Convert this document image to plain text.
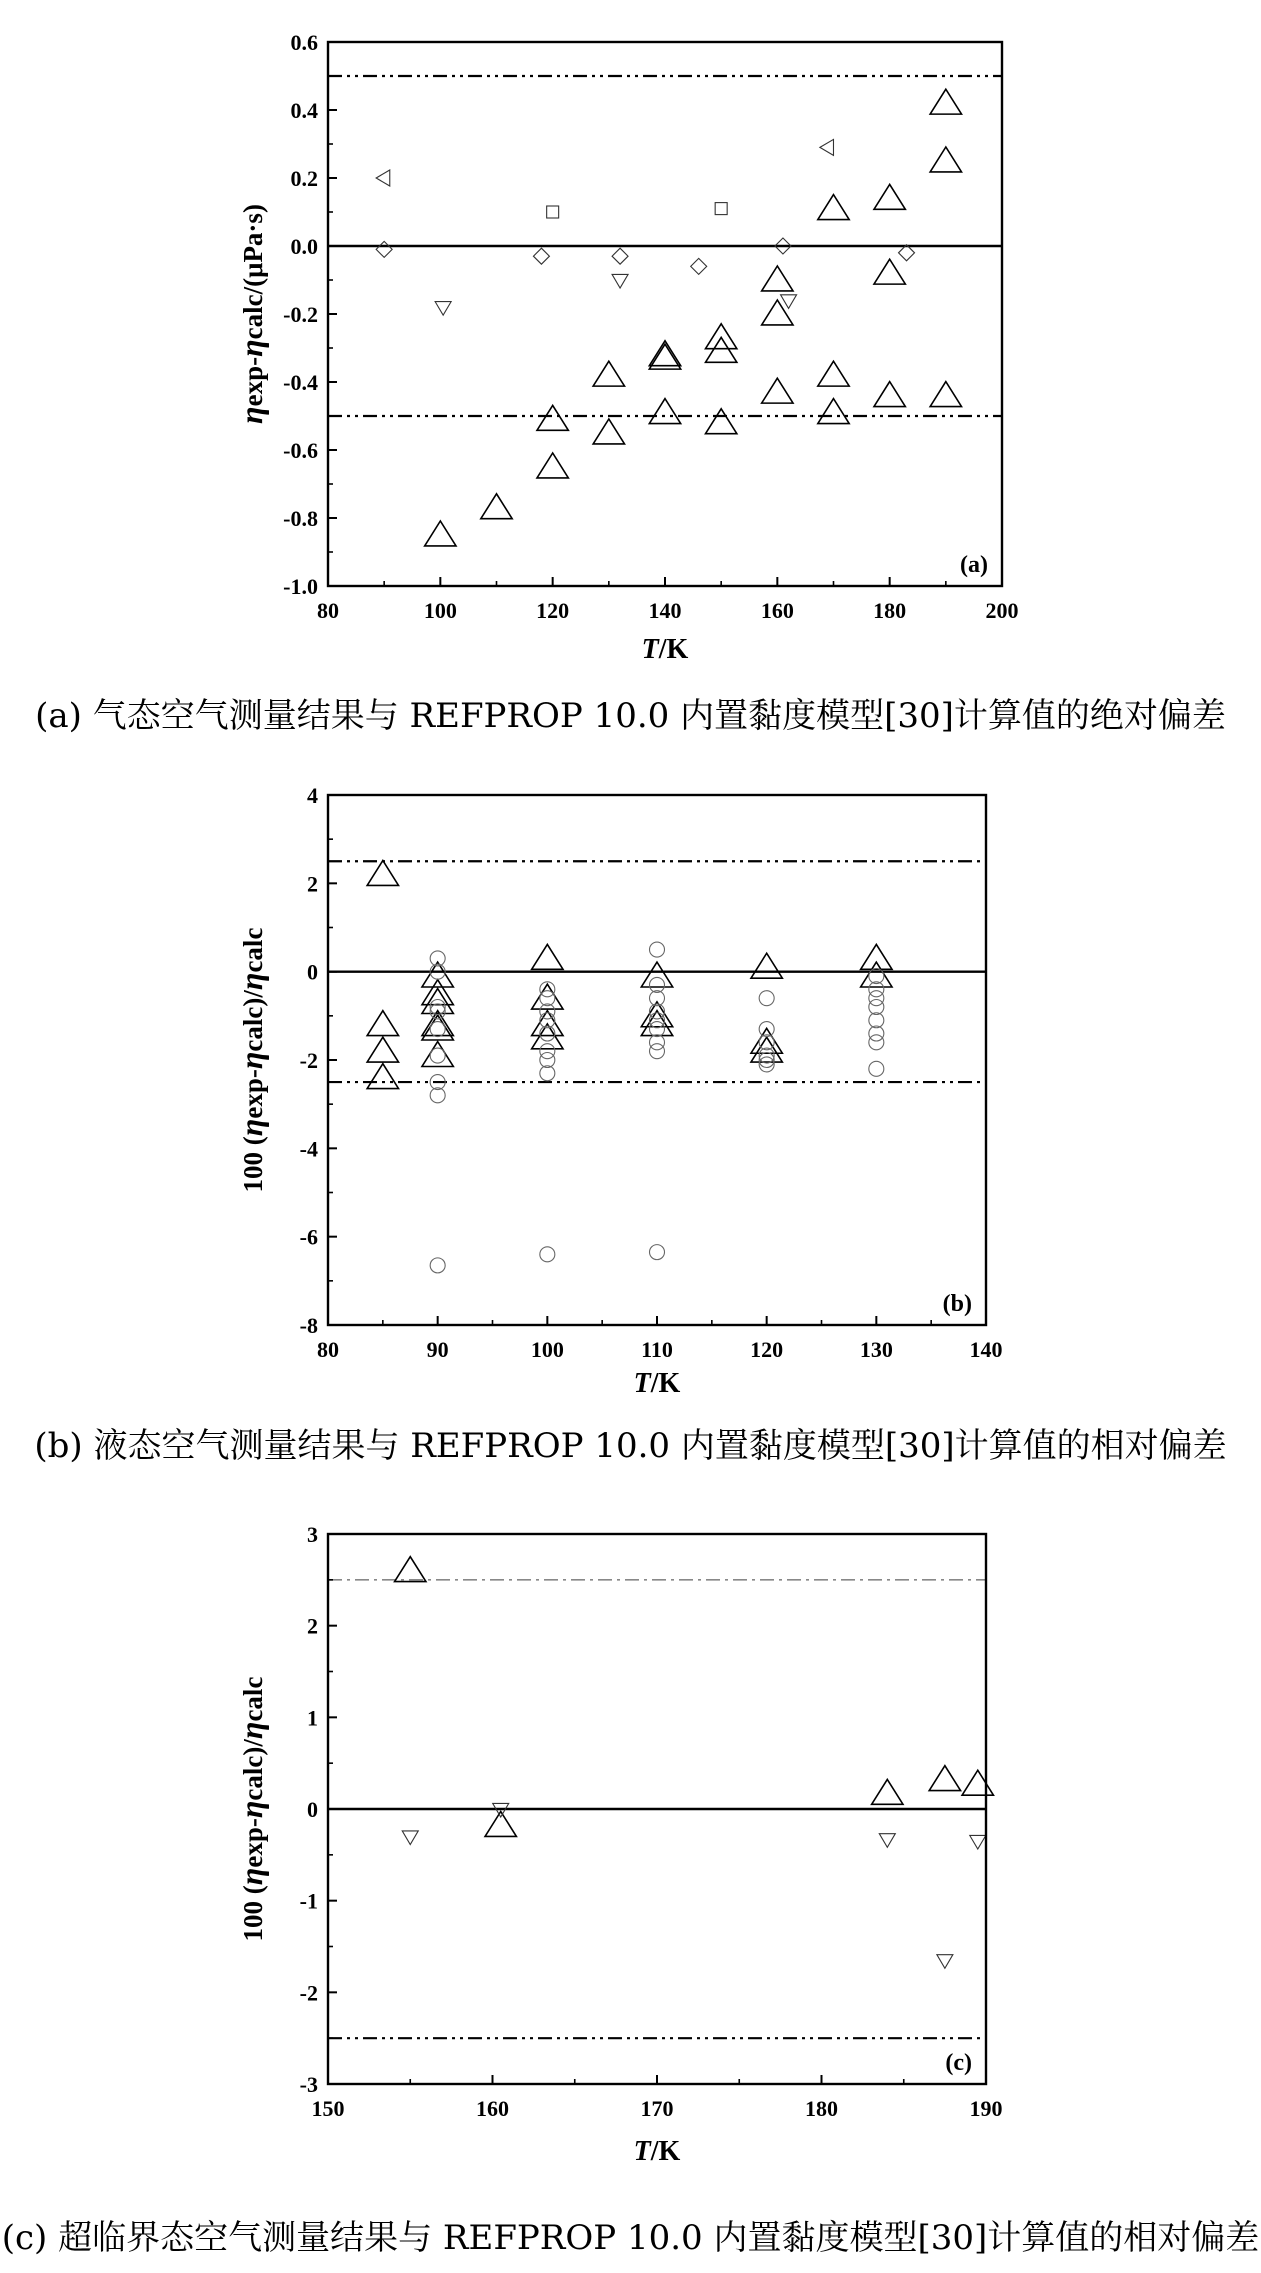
80	100	120	140	160	180	200
-1.0
-0.8
-0.6
-0.4
-0.2
0.0
0.2
0.4
0.6
(a)
T/K
ηexp-ηcalc/(μPa·s)
80	90	100	110	120	130	140
-8
-6
-4
-2
0
2
4
(b)
T/K
100 (ηexp-ηcalc)/ηcalc
150	160	170	180	190
-3
-2
-1
0
1
2
3
(c)
T/K
100 (ηexp-ηcalc)/ηcalc
(a) 气态空气测量结果与 REFPROP 10.0 内置黏度模型[30]计算值的绝对偏差
(b) 液态空气测量结果与 REFPROP 10.0 内置黏度模型[30]计算值的相对偏差
(c) 超临界态空气测量结果与 REFPROP 10.0 内置黏度模型[30]计算值的相对偏差
